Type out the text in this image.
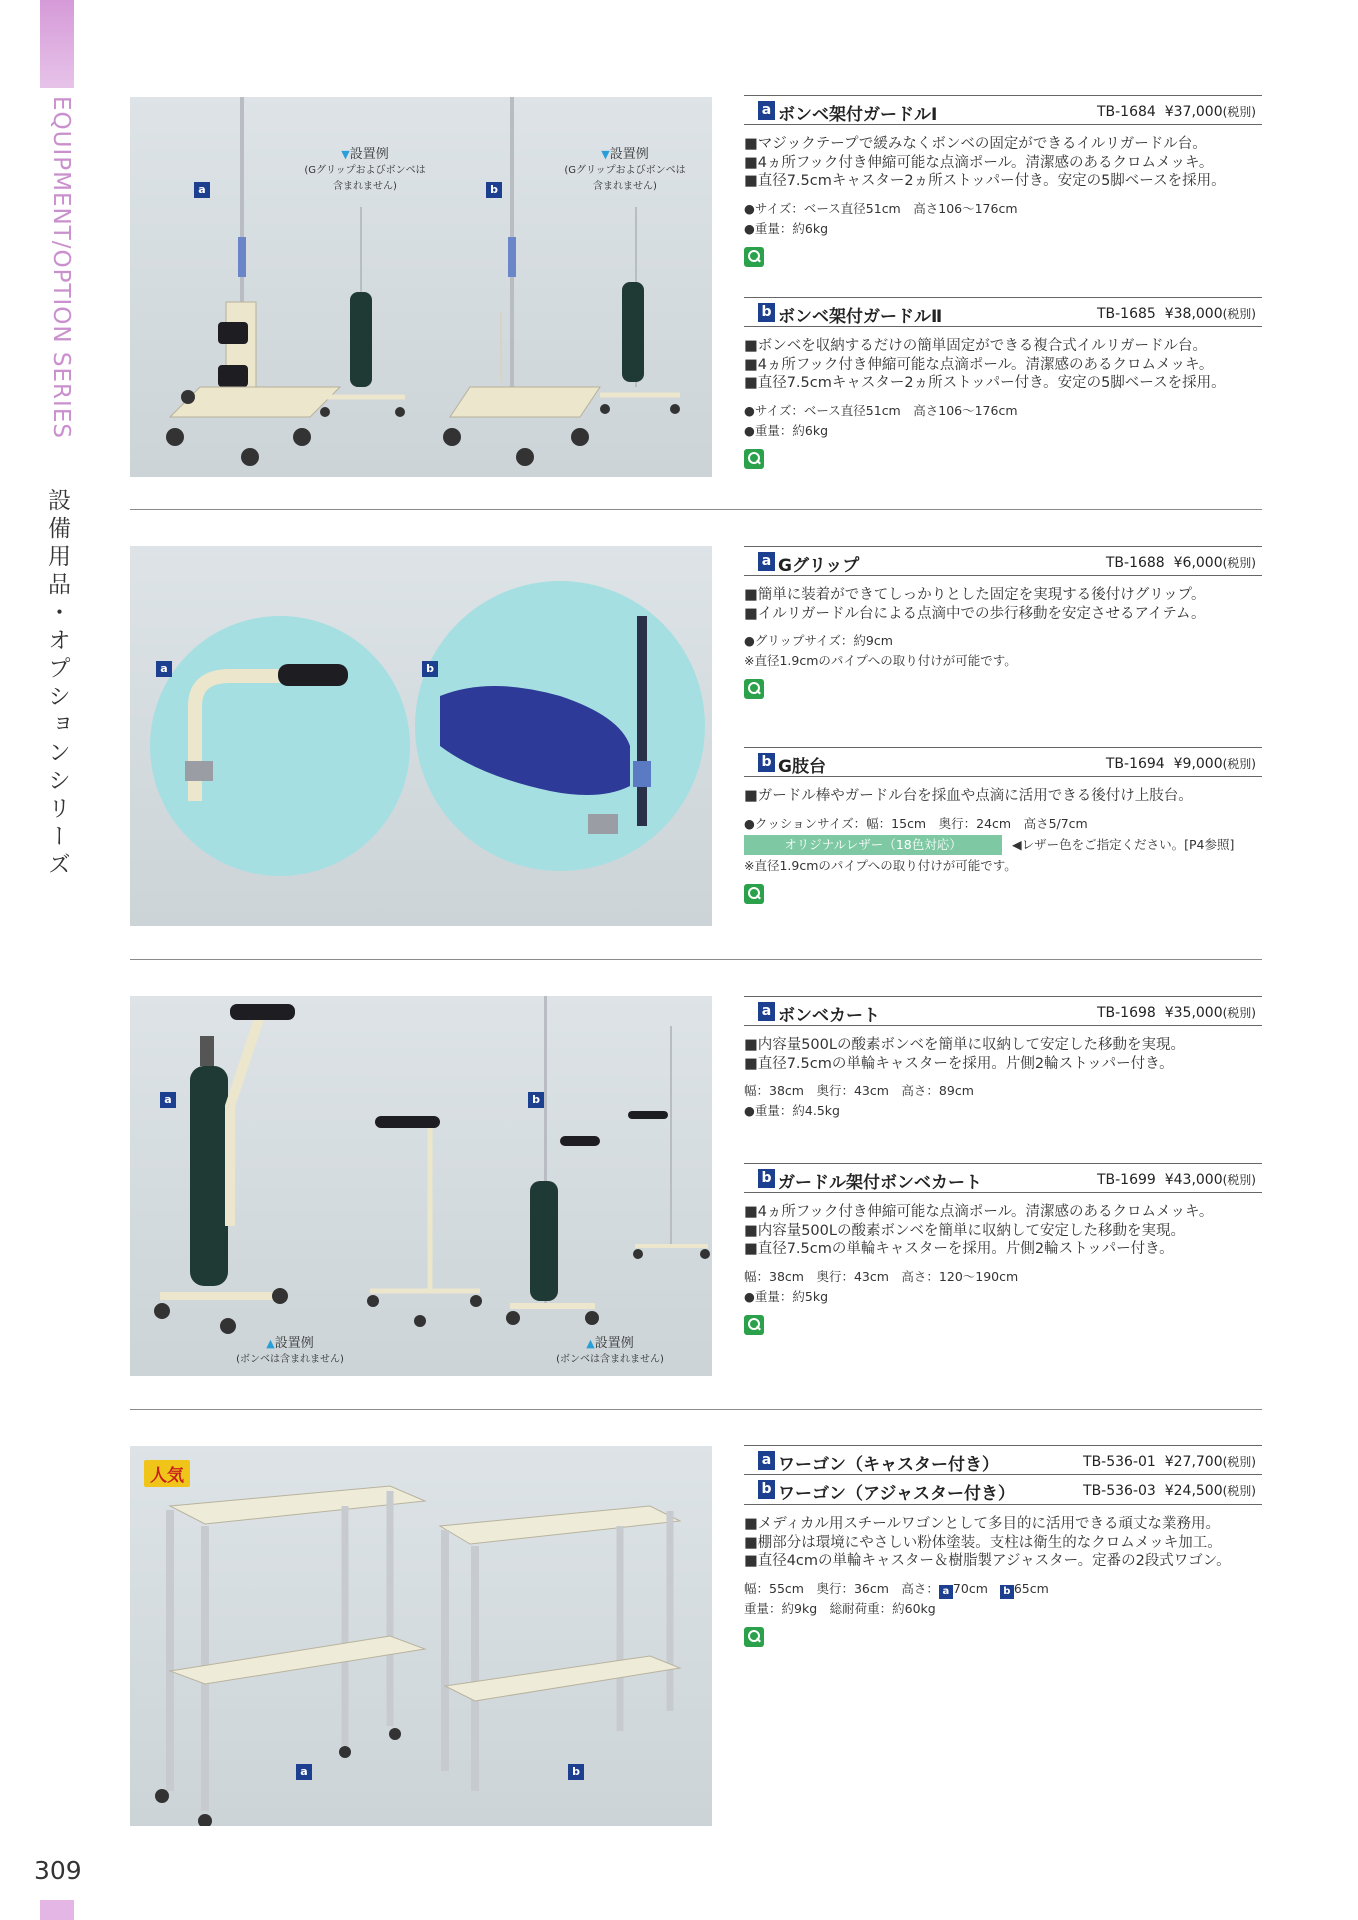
EQUIPMENT/OPTION SERIES
設備用品・オプションシリーズ
309
a	b
▼設置例
(Gグリップおよびボンベは
含まれません)
▼設置例
(Gグリップおよびボンベは
含まれません)
a ボンベ架付ガードルⅠ	TB-1684 ¥37,000(税別)
■マジックテープで緩みなくボンベの固定ができるイルリガードル台。
■4ヵ所フック付き伸縮可能な点滴ポール。清潔感のあるクロムメッキ。
■直径7.5cmキャスター2ヵ所ストッパー付き。安定の5脚ベースを採用。
●サイズ：ベース直径51cm　高さ106〜176cm
●重量：約6kg
b ボンベ架付ガードルⅡ	TB-1685 ¥38,000(税別)
■ボンベを収納するだけの簡単固定ができる複合式イルリガードル台。
■4ヵ所フック付き伸縮可能な点滴ポール。清潔感のあるクロムメッキ。
■直径7.5cmキャスター2ヵ所ストッパー付き。安定の5脚ベースを採用。
●サイズ：ベース直径51cm　高さ106〜176cm
●重量：約6kg
a	b
a Gグリップ	TB-1688 ¥6,000(税別)
■簡単に装着ができてしっかりとした固定を実現する後付けグリップ。
■イルリガードル台による点滴中での歩行移動を安定させるアイテム。
●グリップサイズ：約9cm
※直径1.9cmのパイプへの取り付けが可能です。
b G肢台	TB-1694 ¥9,000(税別)
■ガードル棒やガードル台を採血や点滴に活用できる後付け上肢台。
●クッションサイズ：幅：15cm　奥行：24cm　高さ5/7cm
オリジナルレザー（18色対応）	◀レザー色をご指定ください。[P4参照]
※直径1.9cmのパイプへの取り付けが可能です。
a	b
▲設置例
(ボンベは含まれません)
▲設置例
(ボンベは含まれません)
a ボンベカート	TB-1698 ¥35,000(税別)
■内容量500Lの酸素ボンベを簡単に収納して安定した移動を実現。
■直径7.5cmの単輪キャスターを採用。片側2輪ストッパー付き。
幅：38cm　奥行：43cm　高さ：89cm
●重量：約4.5kg
b ガードル架付ボンベカート	TB-1699 ¥43,000(税別)
■4ヵ所フック付き伸縮可能な点滴ポール。清潔感のあるクロムメッキ。
■内容量500Lの酸素ボンベを簡単に収納して安定した移動を実現。
■直径7.5cmの単輪キャスターを採用。片側2輪ストッパー付き。
幅：38cm　奥行：43cm　高さ：120〜190cm
●重量：約5kg
人気
a	b
a ワーゴン（キャスター付き）	TB-536-01 ¥27,700(税別)
b ワーゴン（アジャスター付き）	TB-536-03 ¥24,500(税別)
■メディカル用スチールワゴンとして多目的に活用できる頑丈な業務用。
■棚部分は環境にやさしい粉体塗装。支柱は衛生的なクロムメッキ加工。
■直径4cmの単輪キャスター＆樹脂製アジャスター。定番の2段式ワゴン。
幅：55cm　奥行：36cm　高さ： a 70cm b 65cm
重量：約9kg　総耐荷重：約60kg
